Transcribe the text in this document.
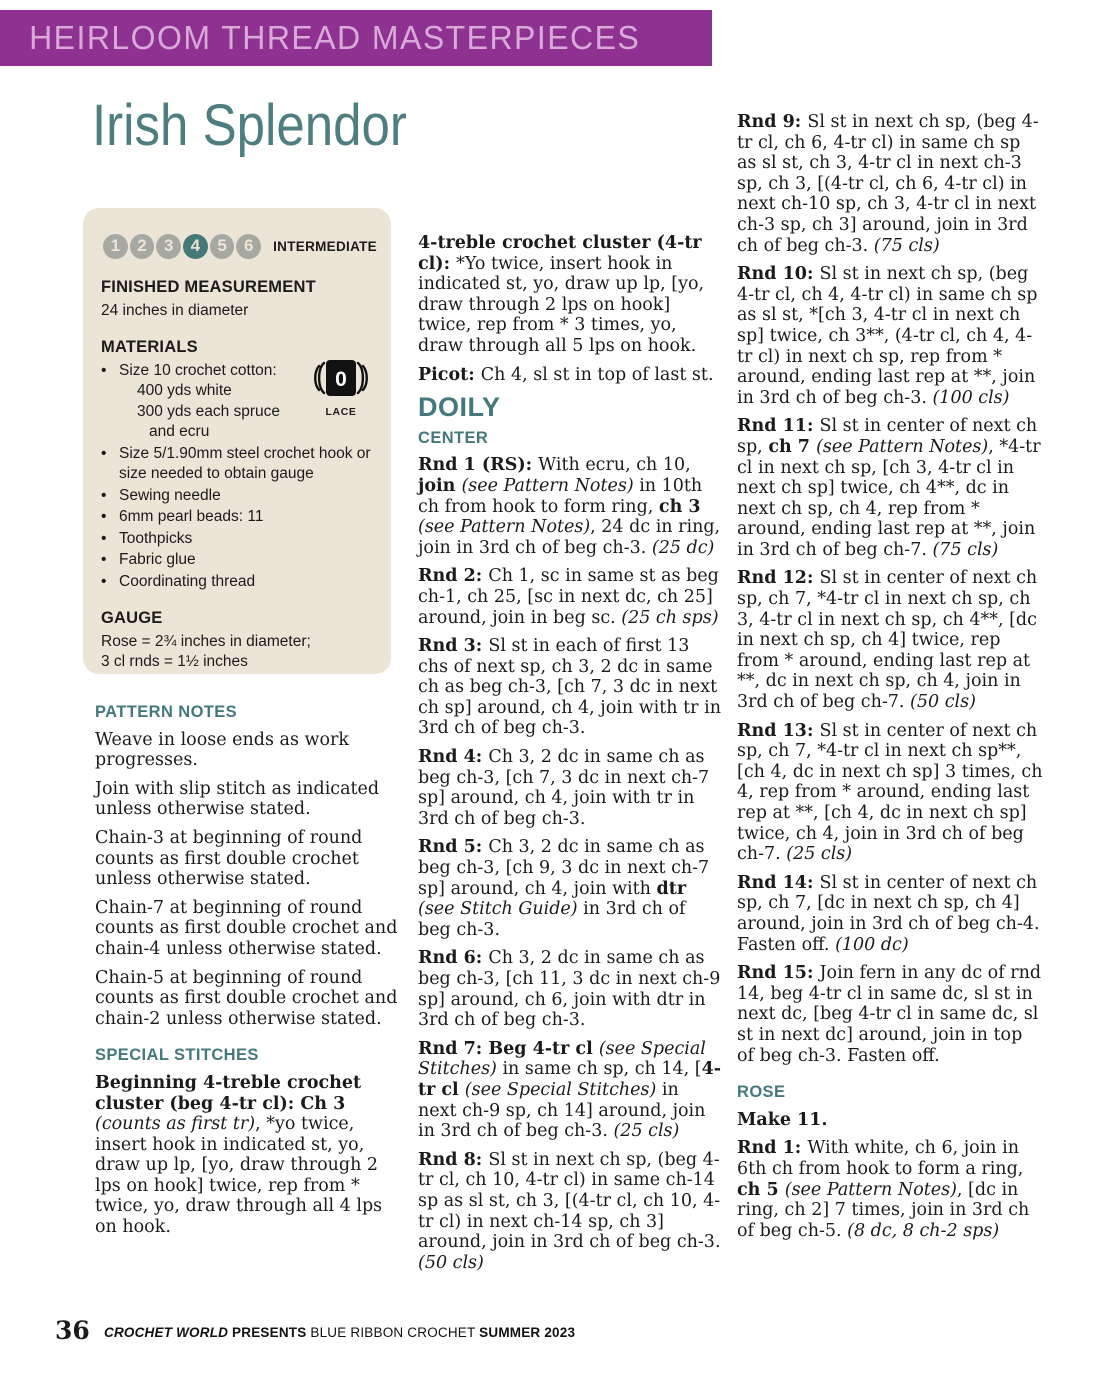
HEIRLOOM THREAD MASTERPIECES
Irish Splendor
1	2	3	4	5	6	INTERMEDIATE
FINISHED MEASUREMENT
24 inches in diameter
MATERIALS
• Size 10 crochet cotton:
400 yds white
300 yds each spruce
and ecru
• Size 5/1.90mm steel crochet hook or size needed to obtain gauge
• Sewing needle
• 6mm pearl beads: 11
• Toothpicks
• Fabric glue
• Coordinating thread
0
LACE
GAUGE
Rose = 2¾ inches in diameter;
3 cl rnds = 1½ inches
PATTERN NOTES

Weave in loose ends as work progresses.

Join with slip stitch as indicated unless otherwise stated.

Chain-3 at beginning of round counts as first double crochet unless otherwise stated.

Chain-7 at beginning of round counts as first double crochet and chain-4 unless otherwise stated.

Chain-5 at beginning of round counts as first double crochet and chain-2 unless otherwise stated.

SPECIAL STITCHES

Beginning 4-treble crochet cluster (beg 4-tr cl): Ch 3 (counts as first tr), *yo twice, insert hook in indicated st, yo, draw up lp, [yo, draw through 2 lps on hook] twice, rep from * twice, yo, draw through all 4 lps on hook.

4-treble crochet cluster (4-tr cl): *Yo twice, insert hook in indicated st, yo, draw up lp, [yo, draw through 2 lps on hook] twice, rep from * 3 times, yo, draw through all 5 lps on hook.

Picot: Ch 4, sl st in top of last st.

DOILY
CENTER

Rnd 1 (RS): With ecru, ch 10, join (see Pattern Notes) in 10th ch from hook to form ring, ch 3 (see Pattern Notes), 24 dc in ring, join in 3rd ch of beg ch-3. (25 dc)

Rnd 2: Ch 1, sc in same st as beg ch-1, ch 25, [sc in next dc, ch 25] around, join in beg sc. (25 ch sps)

Rnd 3: Sl st in each of first 13 chs of next sp, ch 3, 2 dc in same ch as beg ch-3, [ch 7, 3 dc in next ch sp] around, ch 4, join with tr in 3rd ch of beg ch-3.

Rnd 4: Ch 3, 2 dc in same ch as beg ch-3, [ch 7, 3 dc in next ch-7 sp] around, ch 4, join with tr in 3rd ch of beg ch-3.

Rnd 5: Ch 3, 2 dc in same ch as beg ch-3, [ch 9, 3 dc in next ch-7 sp] around, ch 4, join with dtr (see Stitch Guide) in 3rd ch of beg ch-3.

Rnd 6: Ch 3, 2 dc in same ch as beg ch-3, [ch 11, 3 dc in next ch-9 sp] around, ch 6, join with dtr in 3rd ch of beg ch-3.

Rnd 7: Beg 4-tr cl (see Special Stitches) in same ch sp, ch 14, [4-tr cl (see Special Stitches) in next ch-9 sp, ch 14] around, join in 3rd ch of beg ch-3. (25 cls)

Rnd 8: Sl st in next ch sp, (beg 4-tr cl, ch 10, 4-tr cl) in same ch-14 sp as sl st, ch 3, [(4-tr cl, ch 10, 4-tr cl) in next ch-14 sp, ch 3] around, join in 3rd ch of beg ch-3. (50 cls)

Rnd 9: Sl st in next ch sp, (beg 4-tr cl, ch 6, 4-tr cl) in same ch sp as sl st, ch 3, 4-tr cl in next ch-3 sp, ch 3, [(4-tr cl, ch 6, 4-tr cl) in next ch-10 sp, ch 3, 4-tr cl in next ch-3 sp, ch 3] around, join in 3rd ch of beg ch-3. (75 cls)

Rnd 10: Sl st in next ch sp, (beg 4-tr cl, ch 4, 4-tr cl) in same ch sp as sl st, *[ch 3, 4-tr cl in next ch sp] twice, ch 3**, (4-tr cl, ch 4, 4-tr cl) in next ch sp, rep from * around, ending last rep at **, join in 3rd ch of beg ch-3. (100 cls)

Rnd 11: Sl st in center of next ch sp, ch 7 (see Pattern Notes), *4-tr cl in next ch sp, [ch 3, 4-tr cl in next ch sp] twice, ch 4**, dc in next ch sp, ch 4, rep from * around, ending last rep at **, join in 3rd ch of beg ch-7. (75 cls)

Rnd 12: Sl st in center of next ch sp, ch 7, *4-tr cl in next ch sp, ch 3, 4-tr cl in next ch sp, ch 4**, [dc in next ch sp, ch 4] twice, rep from * around, ending last rep at **, dc in next ch sp, ch 4, join in 3rd ch of beg ch-7. (50 cls)

Rnd 13: Sl st in center of next ch sp, ch 7, *4-tr cl in next ch sp**, [ch 4, dc in next ch sp] 3 times, ch 4, rep from * around, ending last rep at **, [ch 4, dc in next ch sp] twice, ch 4, join in 3rd ch of beg ch-7. (25 cls)

Rnd 14: Sl st in center of next ch sp, ch 7, [dc in next ch sp, ch 4] around, join in 3rd ch of beg ch-4. Fasten off. (100 dc)

Rnd 15: Join fern in any dc of rnd 14, beg 4-tr cl in same dc, sl st in next dc, [beg 4-tr cl in same dc, sl st in next dc] around, join in top of beg ch-3. Fasten off.

ROSE

Make 11.

Rnd 1: With white, ch 6, join in 6th ch from hook to form a ring, ch 5 (see Pattern Notes), [dc in ring, ch 2] 7 times, join in 3rd ch of beg ch-5. (8 dc, 8 ch-2 sps)

36 CROCHET WORLD PRESENTS BLUE RIBBON CROCHET SUMMER 2023
